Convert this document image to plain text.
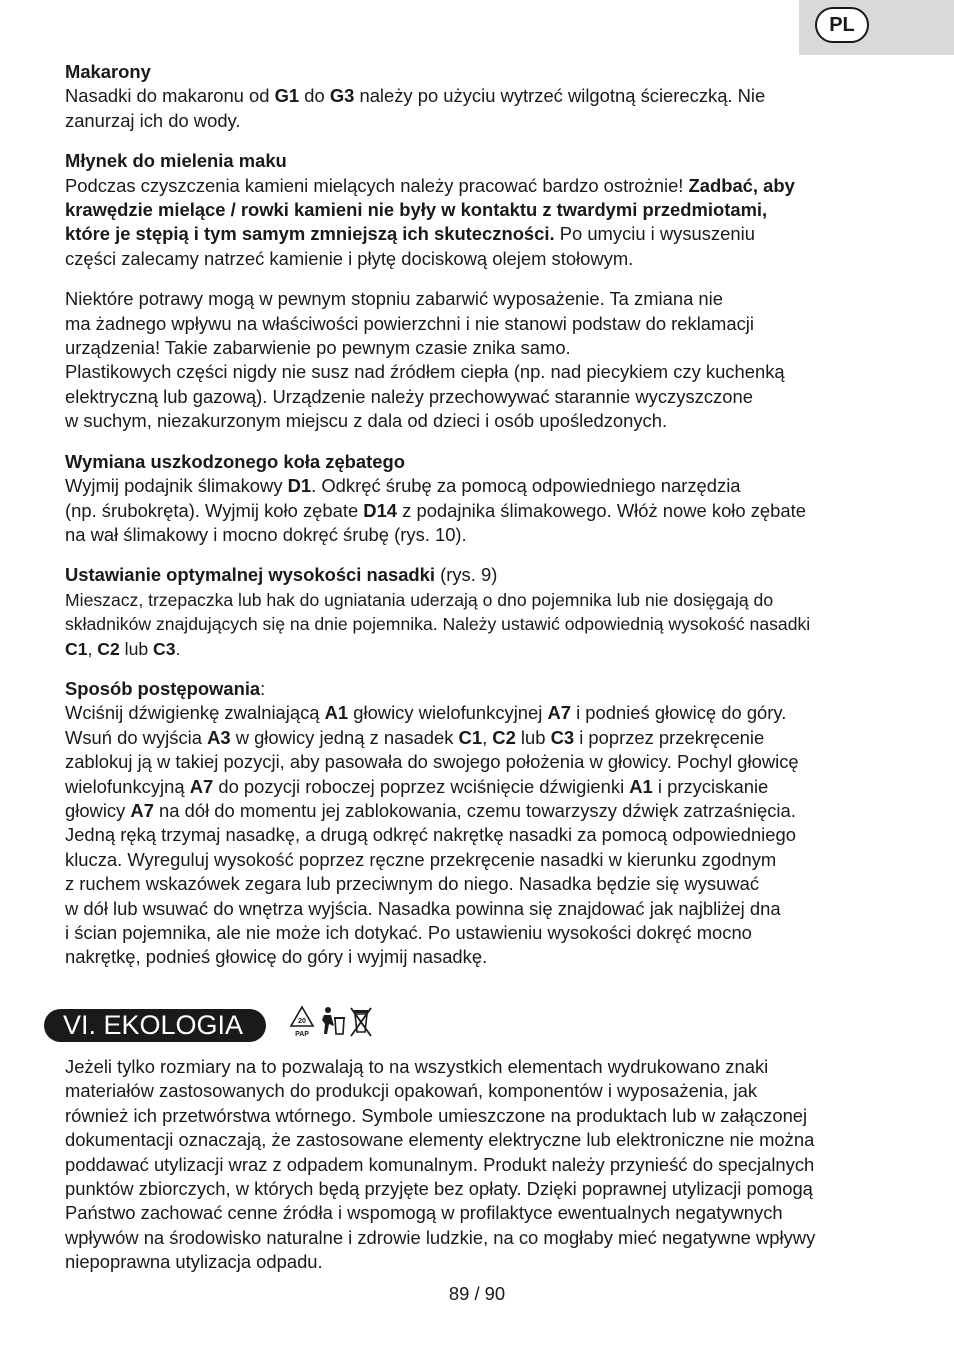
PL

Makarony

Nasadki do makaronu od G1 do G3 należy po użyciu wytrzeć wilgotną ściereczką. Nie

zanurzaj ich do wody.

Młynek do mielenia maku

Podczas czyszczenia kamieni mielących należy pracować bardzo ostrożnie! Zadbać, aby

krawędzie mielące / rowki kamieni nie były w kontaktu z twardymi przedmiotami,

które je stępią i tym samym zmniejszą ich skuteczności. Po umyciu i wysuszeniu

części zalecamy natrzeć kamienie i płytę dociskową olejem stołowym.

Niektóre potrawy mogą w pewnym stopniu zabarwić wyposażenie. Ta zmiana nie

ma żadnego wpływu na właściwości powierzchni i nie stanowi podstaw do reklamacji

urządzenia! Takie zabarwienie po pewnym czasie znika samo.

Plastikowych części nigdy nie susz nad źródłem ciepła (np. nad piecykiem czy kuchenką

elektryczną lub gazową). Urządzenie należy przechowywać starannie wyczyszczone

w suchym, niezakurzonym miejscu z dala od dzieci i osób upośledzonych.

Wymiana uszkodzonego koła zębatego

Wyjmij podajnik ślimakowy D1. Odkręć śrubę za pomocą odpowiedniego narzędzia

(np. śrubokręta). Wyjmij koło zębate D14 z podajnika ślimakowego. Włóż nowe koło zębate

na wał ślimakowy i mocno dokręć śrubę (rys. 10).

Ustawianie optymalnej wysokości nasadki (rys. 9)

Mieszacz, trzepaczka lub hak do ugniatania uderzają o dno pojemnika lub nie dosięgają do

składników znajdujących się na dnie pojemnika. Należy ustawić odpowiednią wysokość nasadki

C1, C2 lub C3.

Sposób postępowania:

Wciśnij dźwigienkę zwalniającą A1 głowicy wielofunkcyjnej A7 i podnieś głowicę do góry.

Wsuń do wyjścia A3 w głowicy jedną z nasadek C1, C2 lub C3 i poprzez przekręcenie

zablokuj ją w takiej pozycji, aby pasowała do swojego położenia w głowicy. Pochyl głowicę

wielofunkcyjną A7 do pozycji roboczej poprzez wciśnięcie dźwigienki A1 i przyciskanie

głowicy A7 na dół do momentu jej zablokowania, czemu towarzyszy dźwięk zatrzaśnięcia.

Jedną ręką trzymaj nasadkę, a drugą odkręć nakrętkę nasadki za pomocą odpowiedniego

klucza. Wyreguluj wysokość poprzez ręczne przekręcenie nasadki w kierunku zgodnym

z ruchem wskazówek zegara lub przeciwnym do niego. Nasadka będzie się wysuwać

w dół lub wsuwać do wnętrza wyjścia. Nasadka powinna się znajdować jak najbliżej dna

i ścian pojemnika, ale nie może ich dotykać. Po ustawieniu wysokości dokręć mocno

nakrętkę, podnieś głowicę do góry i wyjmij nasadkę.

VI. EKOLOGIA	20
PAP

Jeżeli tylko rozmiary na to pozwalają to na wszystkich elementach wydrukowano znaki

materiałów zastosowanych do produkcji opakowań, komponentów i wyposażenia, jak

również ich przetwórstwa wtórnego. Symbole umieszczone na produktach lub w załączonej

dokumentacji oznaczają, że zastosowane elementy elektryczne lub elektroniczne nie można

poddawać utylizacji wraz z odpadem komunalnym. Produkt należy przynieść do specjalnych

punktów zbiorczych, w których będą przyjęte bez opłaty. Dzięki poprawnej utylizacji pomogą

Państwo zachować cenne źródła i wspomogą w profilaktyce ewentualnych negatywnych

wpływów na środowisko naturalne i zdrowie ludzkie, na co mogłaby mieć negatywne wpływy

niepoprawna utylizacja odpadu.

89 / 90
